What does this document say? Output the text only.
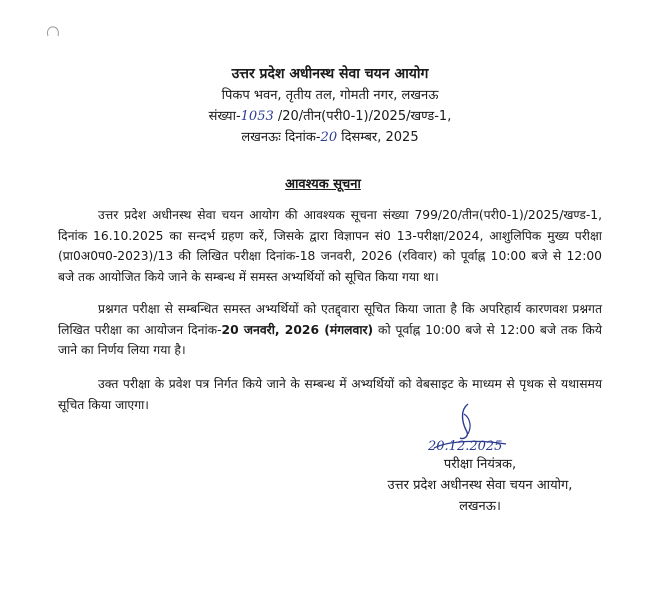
उत्तर प्रदेश अधीनस्थ सेवा चयन आयोग
पिकप भवन, तृतीय तल, गोमती नगर, लखनऊ
संख्या-1053 /20/तीन(परी0-1)/2025/खण्ड-1,
लखनऊः दिनांक-20 दिसम्बर, 2025
आवश्यक सूचना
उत्तर प्रदेश अधीनस्थ सेवा चयन आयोग की आवश्यक सूचना संख्या 799/20/तीन(परी0-1)/2025/खण्ड-1, दिनांक 16.10.2025 का सन्दर्भ ग्रहण करें, जिसके द्वारा विज्ञापन सं0 13-परीक्षा/2024, आशुलिपिक मुख्य परीक्षा (प्रा0अ0प0-2023)/13 की लिखित परीक्षा दिनांक-18 जनवरी, 2026 (रविवार) को पूर्वाह्न 10:00 बजे से 12:00 बजे तक आयोजित किये जाने के सम्बन्ध में समस्त अभ्यर्थियों को सूचित किया गया था।
प्रश्नगत परीक्षा से सम्बन्धित समस्त अभ्यर्थियों को एतद्द्वारा सूचित किया जाता है कि अपरिहार्य कारणवश प्रश्नगत लिखित परीक्षा का आयोजन दिनांक-20 जनवरी, 2026 (मंगलवार) को पूर्वाह्न 10:00 बजे से 12:00 बजे तक किये जाने का निर्णय लिया गया है।
उक्त परीक्षा के प्रवेश पत्र निर्गत किये जाने के सम्बन्ध में अभ्यर्थियों को वेबसाइट के माध्यम से पृथक से यथासमय सूचित किया जाएगा।
20.12.2025
परीक्षा नियंत्रक,
उत्तर प्रदेश अधीनस्थ सेवा चयन आयोग,
लखनऊ।
